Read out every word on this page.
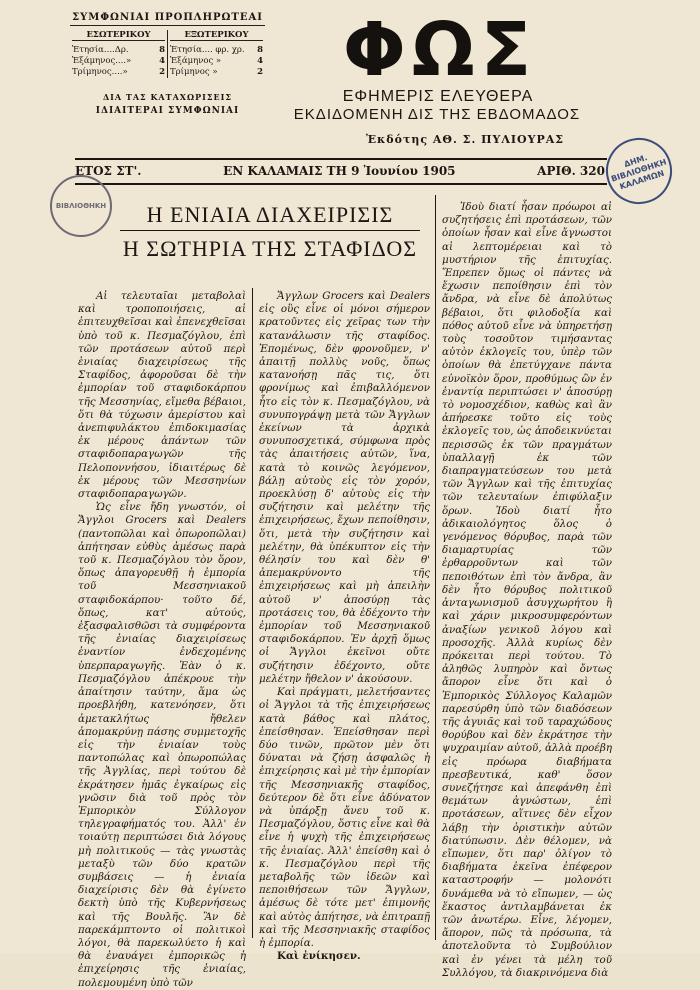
ΣΥΜΦΩΝΙΑΙ ΠΡΟΠΛΗΡΩΤΕΑΙ
ΕΣΩΤΕΡΙΚΟΥ
Ἐτησία....Δρ.	8
Ἑξάμηνος....»	4
Τρίμηνος....»	2
ΕΞΩΤΕΡΙΚΟΥ
Ἐτησία.... φρ. χρ. 8
Ἑξάμηνος »	4
Τρίμηνος »	2
ΔΙΑ ΤΑΣ ΚΑΤΑΧΩΡΙΣΕΙΣ
ΙΔΙΑΙΤΕΡΑΙ ΣΥΜΦΩΝΙΑΙ
ΦΩΣ
ΕΦΗΜΕΡΙΣ ΕΛΕΥΘΕΡΑ
ΕΚΔΙΔΟΜΕΝΗ ΔΙΣ ΤΗΣ ΕΒΔΟΜΑΔΟΣ
Ἐκδότης ΑΘ. Σ. ΠΥΛΙΟΥΡΑΣ
ΕΤΟΣ ΣΤ'.	ΕΝ ΚΑΛΑΜΑΙΣ ΤΗ 9 Ἰουνίου 1905	ΑΡΙΘ. 320
ΔΗΜ. ΒΙΒΛΙΟΘΗΚΗ ΚΑΛΑΜΩΝ
ΒΙΒΛΙΟΘΗΚΗ	Η ΕΝΙΑΙΑ ΔΙΑΧΕΙΡΙΣΙΣ
Η ΣΩΤΗΡΙΑ ΤΗΣ ΣΤΑΦΙΔΟΣ

Αἱ τελευταῖαι μεταβολαὶ καὶ τροποποιήσεις, αἱ ἐπιτευχθεῖσαι καὶ ἐπενεχθεῖσαι ὑπὸ τοῦ κ. Πεσμαζόγλου, ἐπὶ τῶν προτάσεων αὐτοῦ περὶ ἑνιαίας διαχειρίσεως τῆς Σταφίδος, ἀφοροῦσαι δὲ τὴν ἐμπορίαν τοῦ σταφιδοκάρπου τῆς Μεσσηνίας, εἴμεθα βέβαιοι, ὅτι θὰ τύχωσιν ἀμερίστου καὶ ἀνεπιφυλάκτου ἐπιδοκιμασίας ἐκ μέρους ἁπάντων τῶν σταφιδοπαραγωγῶν τῆς Πελοποννήσου, ἰδιαιτέρως δὲ ἐκ μέρους τῶν Μεσσηνίων σταφιδοπαραγωγῶν.

Ὡς εἶνε ἤδη γνωστόν, οἱ Ἄγγλοι Grocers καὶ Dealers (παντοπῶλαι καὶ ὀπωροπῶλαι) ἀπήτησαν εὐθὺς ἀμέσως παρὰ τοῦ κ. Πεσμαζόγλου τὸν ὅρον, ὅπως ἀπαγορευθῇ ἡ ἐμπορία τοῦ Μεσσηνιακοῦ σταφιδοκάρπου· τοῦτο δέ, ὅπως, κατ' αὐτούς, ἐξασφαλισθῶσι τὰ συμφέροντα τῆς ἑνιαίας διαχειρίσεως ἐναντίον ἐνδεχομένης ὑπερπαραγωγῆς. Ἐὰν ὁ κ. Πεσμαζόγλου ἀπέκρουε τὴν ἀπαίτησιν ταύτην, ἅμα ὡς προεβλήθη, κατενόησεν, ὅτι ἀμετακλήτως ἤθελεν ἀπομακρύνῃ πάσης συμμετοχῆς εἰς τὴν ἑνιαίαν τοὺς παντοπώλας καὶ ὀπωροπώλας τῆς Ἀγγλίας, περὶ τούτου δὲ ἐκράτησεν ἡμᾶς ἐγκαίρως εἰς γνῶσιν διὰ τοῦ πρὸς τὸν Ἐμπορικὸν Σύλλογον τηλεγραφήματός του. Ἀλλ' ἐν τοιαύτῃ περιπτώσει διὰ λόγους μὴ πολιτικούς — τὰς γνωστὰς μεταξὺ τῶν δύο κρατῶν συμβάσεις — ἡ ἑνιαία διαχείρισις δὲν θὰ ἐγίνετο δεκτὴ ὑπὸ τῆς Κυβερνήσεως καὶ τῆς Βουλῆς. Ἂν δὲ παρεκάμπτοντο οἱ πολιτικοὶ λόγοι, θὰ παρεκωλύετο ἡ καὶ θὰ ἐναυάγει ἐμπορικῶς ἡ ἐπιχείρησις τῆς ἑνιαίας, πολεμουμένη ὑπὸ τῶν

Ἄγγλων Grocers καὶ Dealers εἰς οὓς εἶνε οἱ μόνοι σήμερον κρατοῦντες εἰς χεῖρας των τὴν κατανάλωσιν τῆς σταφίδος. Ἐπομένως, δὲν φρονοῦμεν, ν' ἀπαιτῇ πολλὺς νοῦς, ὅπως κατανοήσῃ πᾶς τις, ὅτι φρονίμως καὶ ἐπιβαλλόμενον ἦτο εἰς τὸν κ. Πεσμαζόγλου, νὰ συνυπογράψῃ μετὰ τῶν Ἄγγλων ἐκείνων τὰ ἀρχικὰ συνυποσχετικά, σύμφωνα πρὸς τὰς ἀπαιτήσεις αὐτῶν, ἵνα, κατὰ τὸ κοινῶς λεγόμενον, βάλῃ αὐτοὺς εἰς τὸν χορόν, προεκλύσῃ δ' αὐτοὺς εἰς τὴν συζήτησιν καὶ μελέτην τῆς ἐπιχειρήσεως, ἔχων πεποίθησιν, ὅτι, μετὰ τὴν συζήτησιν καὶ μελέτην, θὰ ὑπέκυπτον εἰς τὴν θέλησίν του καὶ δὲν θ' ἀπεμακρύνοντο τῆς ἐπιχειρήσεως καὶ μὴ ἀπειλὴν αὐτοῦ ν' ἀποσύρῃ τὰς προτάσεις του, θὰ ἐδέχοντο τὴν ἐμπορίαν τοῦ Μεσσηνιακοῦ σταφιδοκάρπου. Ἐν ἀρχῇ ὅμως οἱ Ἄγγλοι ἐκεῖνοι οὔτε συζήτησιν ἐδέχοντο, οὔτε μελέτην ἤθελον ν' ἀκούσουν.

Καὶ πράγματι, μελετήσαντες οἱ Ἄγγλοι τὰ τῆς ἐπιχειρήσεως κατὰ βάθος καὶ πλάτος, ἐπείσθησαν. Ἐπείσθησαν περὶ δύο τινῶν, πρῶτον μὲν ὅτι δύναται νὰ ζήσῃ ἀσφαλῶς ἡ ἐπιχείρησις καὶ μὲ τὴν ἐμπορίαν τῆς Μεσσηνιακῆς σταφίδος, δεύτερον δὲ ὅτι εἶνε ἀδύνατον νὰ ὑπάρξῃ ἄνευ τοῦ κ. Πεσμαζόγλου, ὅστις εἶνε καὶ θὰ εἶνε ἡ ψυχὴ τῆς ἐπιχειρήσεως τῆς ἑνιαίας. Ἀλλ' ἐπείσθη καὶ ὁ κ. Πεσμαζόγλου περὶ τῆς μεταβολῆς τῶν ἰδεῶν καὶ πεποιθήσεων τῶν Ἄγγλων, ἀμέσως δὲ τότε μετ' ἐπιμονῆς καὶ αὐτὸς ἀπήτησε, νὰ ἐπιτραπῇ καὶ τῆς Μεσσηνιακῆς σταφίδος ἡ ἐμπορία.

Καὶ ἐνίκησεν.

Ἰδοὺ διατί ἦσαν πρόωροι αἱ συζητήσεις ἐπὶ προτάσεων, τῶν ὁποίων ἦσαν καὶ εἶνε ἄγνωστοι αἱ λεπτομέρειαι καὶ τὸ μυστήριον τῆς ἐπιτυχίας. Ἔπρεπεν ὅμως οἱ πάντες νὰ ἔχωσιν πεποίθησιν ἐπὶ τὸν ἄνδρα, νὰ εἶνε δὲ ἀπολύτως βέβαιοι, ὅτι φιλοδοξία καὶ πόθος αὐτοῦ εἶνε νὰ ὑπηρετήσῃ τοὺς τοσοῦτον τιμήσαντας αὐτὸν ἐκλογεῖς του, ὑπὲρ τῶν ὁποίων θὰ ἐπετύγχανε πάντα εὐνοϊκὸν ὅρον, προθύμως ὢν ἐν ἐναντίᾳ περιπτώσει ν' ἀποσύρῃ τὸ νομοσχέδιον, καθὼς καὶ ἂν ἀπήρεσκε τοῦτο εἰς τοὺς ἐκλογεῖς του, ὡς ἀποδεικνύεται περισσῶς ἐκ τῶν πραγμάτων ὑπαλλαγῇ ἐκ τῶν διαπραγματεύσεων του μετὰ τῶν Ἄγγλων καὶ τῆς ἐπιτυχίας τῶν τελευταίων ἐπιφύλαξιν ὅρων. Ἰδοὺ διατί ἦτο ἀδικαιολόγητος ὅλος ὁ γενόμενος θόρυβος, παρὰ τῶν διαμαρτυρίας τῶν ἐρθαρροῦντων καὶ τῶν πεποιθότων ἐπὶ τὸν ἄνδρα, ἂν δὲν ἦτο θόρυβος πολιτικοῦ ἀνταγωνισμοῦ ἀσυγχωρήτου ἢ καὶ χάριν μικροσυμφερόντων ἀναξίων γενικοῦ λόγου καὶ προσοχῆς. Ἀλλὰ κυρίως δὲν πρόκειται περὶ τούτου. Τὸ ἀληθῶς λυπηρὸν καὶ ὄντως ἄπορον εἶνε ὅτι καὶ ὁ Ἐμπορικὸς Σύλλογος Καλαμῶν παρεσύρθη ὑπὸ τῶν διαδόσεων τῆς ἀγυιᾶς καὶ τοῦ ταραχώδους θορύβου καὶ δὲν ἐκράτησε τὴν ψυχραιμίαν αὐτοῦ, ἀλλὰ προέβη εἰς πρόωρα διαβήματα πρεσβευτικά, καθ' ὅσον συνεζήτησε καὶ ἀπεφάνθη ἐπὶ θεμάτων ἀγνώστων, ἐπὶ προτάσεων, αἵτινες δὲν εἶχον λάβῃ τὴν ὁριστικὴν αὐτῶν διατύπωσιν. Δὲν θέλομεν, νὰ εἴπωμεν, ὅτι παρ' ὀλίγον τὸ διαβήματα ἐκεῖνα ἐπέφερον καταστροφήν — μολονότι δυνάμεθα νὰ τὸ εἴπωμεν, — ὡς ἕκαστος ἀντιλαμβάνεται ἐκ τῶν ἀνωτέρω. Εἶνε, λέγομεν, ἄπορον, πῶς τὰ πρόσωπα, τὰ ἀποτελοῦντα τὸ Συμβούλιον καὶ ἐν γένει τὰ μέλη τοῦ Συλλόγου, τὰ διακρινόμενα διὰ
